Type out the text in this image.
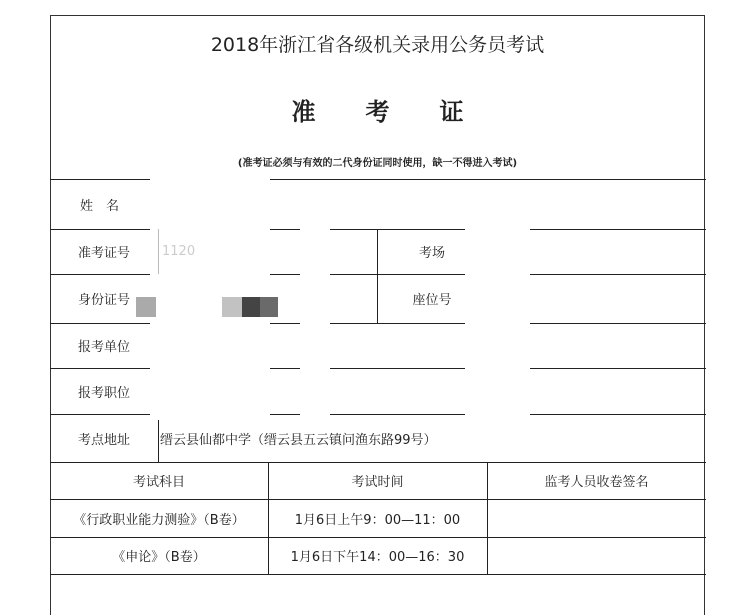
2018年浙江省各级机关录用公务员考试
准考证
(准考证必须与有效的二代身份证同时使用，缺一不得进入考试)
姓　名
准考证号 1120	考场
身份证号	座位号
报考单位
报考职位
考点地址 缙云县仙都中学（缙云县五云镇问渔东路99号）
考试科目	考试时间	监考人员收卷签名
《行政职业能力测验》（B卷）	1月6日上午9：00—11：00
《申论》（B卷）	1月6日下午14：00—16：30
